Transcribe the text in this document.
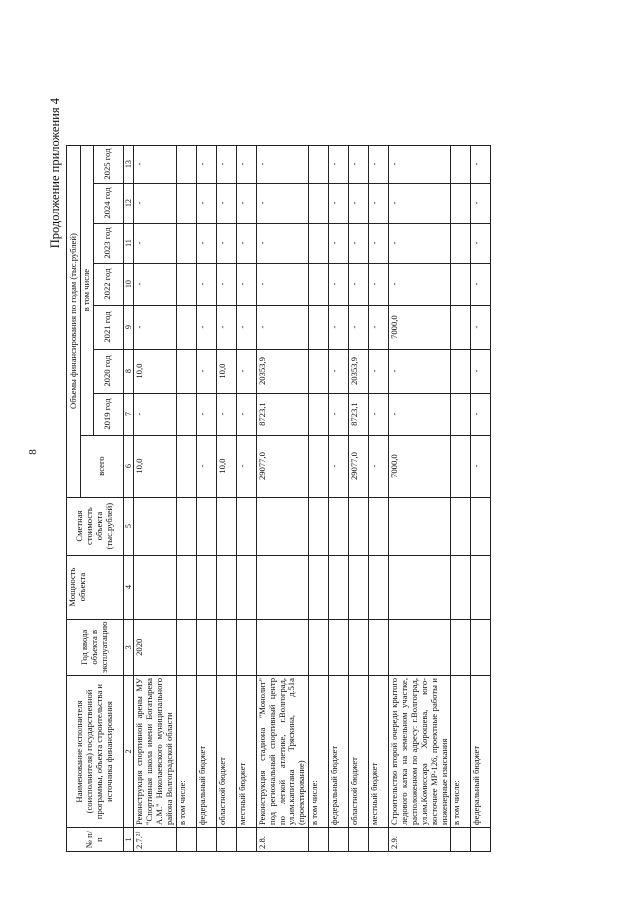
8
Продолжение приложения 4
№ п/п	Наименование исполнителя (соисполнителя) государственной программы, объекта строительства и источника финансирования	Год ввода объекта в эксплуатацию	Мощность объекта	Сметная стоимость объекта (тыс.рублей)	Объемы финансирования по годам (тыс.рублей)							
					всего	в том числе						
						2019 год	2020 год	2021 год	2022 год	2023 год	2024 год	2025 год
1	2	3	4	5	6	7	8	9	10	11	12	13
2.7.²⁾	Реконструкция спортивной арены МУ "Спортивная школа имени Богатырева А.М." Николаевского муниципального района Волгоградской области	2020			10,0	-	10,0	-	-	-	-	-
	в том числе:											
	федеральный бюджет				-	-	-	-	-	-	-	-
	областной бюджет				10,0	-	10,0	-	-	-	-	-
	местный бюджет				-	-	-	-	-	-	-	-
2.8.	Реконструкция стадиона "Монолит" под региональный спортивный центр по легкой атлетике, г.Волгоград, ул.им.капитана Тряскина, д.51а (проектирование)				29077,0	8723,1	20353,9	-	-	-	-	-
	в том числе:											
	федеральный бюджет				-	-	-	-	-	-	-	-
	областной бюджет				29077,0	8723,1	20353,9	-	-	-	-	-
	местный бюджет				-	-	-	-	-	-	-	-
2.9.	Строительство второй очереди крытого ледового катка на земельном участке, расположенном по адресу: г.Волгоград, ул.им.Комиссара Хорошева, юго-восточнее МР-126, проектные работы и инженерные изыскания				7000,0	-	-	7000,0	-	-	-	-
	в том числе:											
	федеральный бюджет				-	-	-	-	-	-	-	-
